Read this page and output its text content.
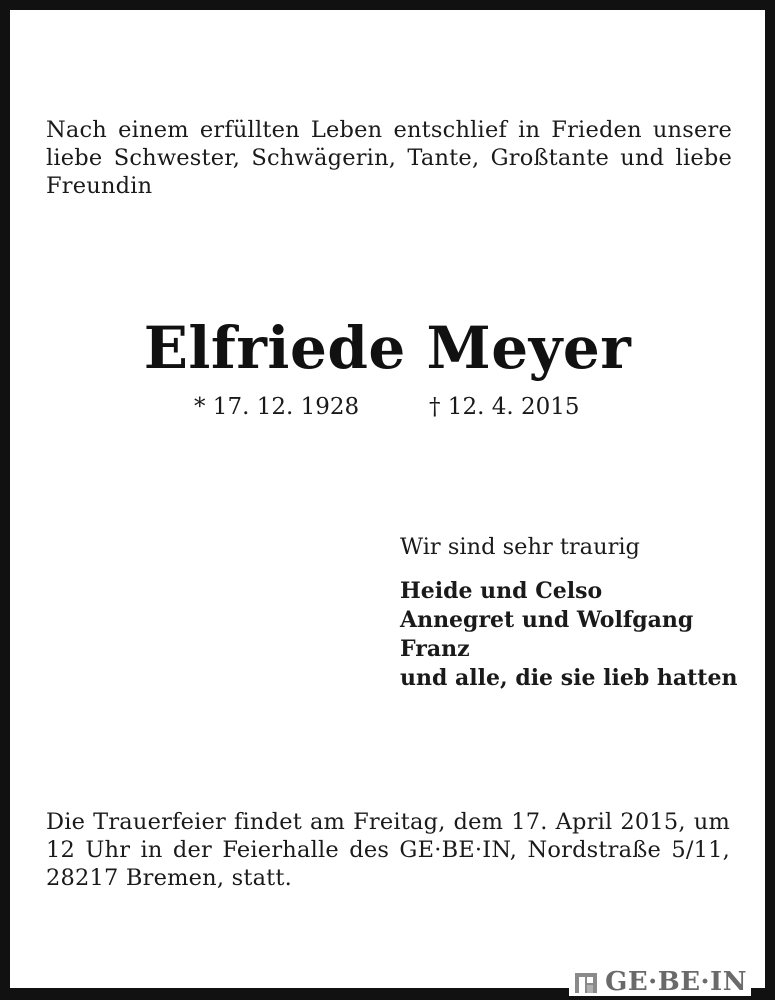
Nach einem erfüllten Leben entschlief in Frieden unsere liebe Schwester, Schwägerin, Tante, Großtante und liebe Freundin

Elfriede Meyer
* 17. 12. 1928	† 12. 4. 2015
Wir sind sehr traurig
Heide und Celso
Annegret und Wolfgang
Franz
und alle, die sie lieb hatten

Die Trauerfeier findet am Freitag, dem 17. April 2015, um 12 Uhr in der Feierhalle des GE·BE·IN, Nordstraße 5/11, 28217 Bremen, statt.

GE·BE·IN
